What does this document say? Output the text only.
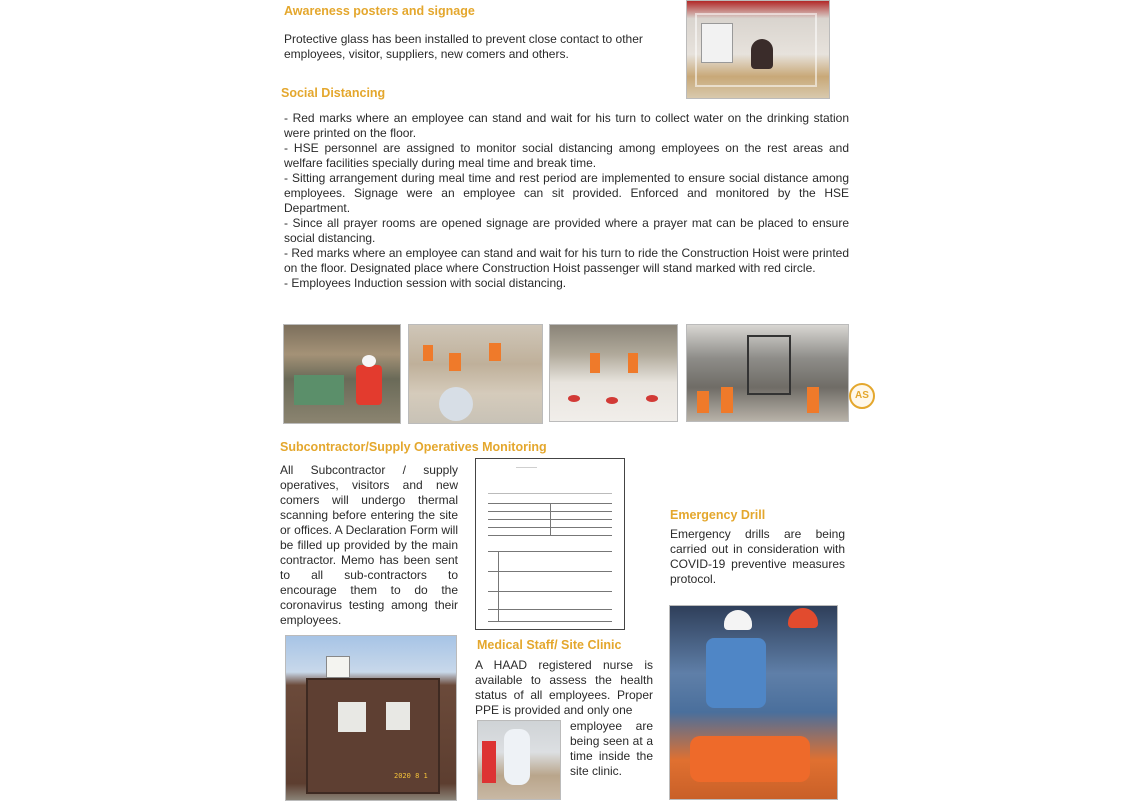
Awareness posters and signage

Protective glass has been installed to prevent close contact to other

employees, visitor, suppliers, new comers and others.

Social Distancing

- Red marks where an employee can stand and wait for his turn to collect water on the drinking station were printed on the floor.

- HSE personnel are assigned to monitor social distancing among employees on the rest areas and welfare facilities specially during meal time and break time.

- Sitting arrangement during meal time and rest period are implemented to ensure social distance among employees. Signage were an employee can sit provided. Enforced and monitored by the HSE Department.

- Since all prayer rooms are opened signage are provided where a prayer mat can be placed to ensure social distancing.

- Red marks where an employee can stand and wait for his turn to ride the Construction Hoist were printed on the floor. Designated place where Construction Hoist passenger will stand marked with red circle.

- Employees Induction session with social distancing.

AS
Subcontractor/Supply Operatives Monitoring
All Subcontractor / supply operatives, visitors and new comers will undergo thermal scanning before entering the site or offices. A Declaration Form will be filled up provided by the main contractor. Memo has been sent to all sub-contractors to encourage them to do the coronavirus testing among their employees.
——————
2020 8 1
Emergency Drill
Emergency drills are being carried out in consideration with COVID-19 preventive measures protocol.
Medical Staff/ Site Clinic
A HAAD registered nurse is available to assess the health status of all employees. Proper PPE is provided and only one
employee are being seen at a time inside the site clinic.
